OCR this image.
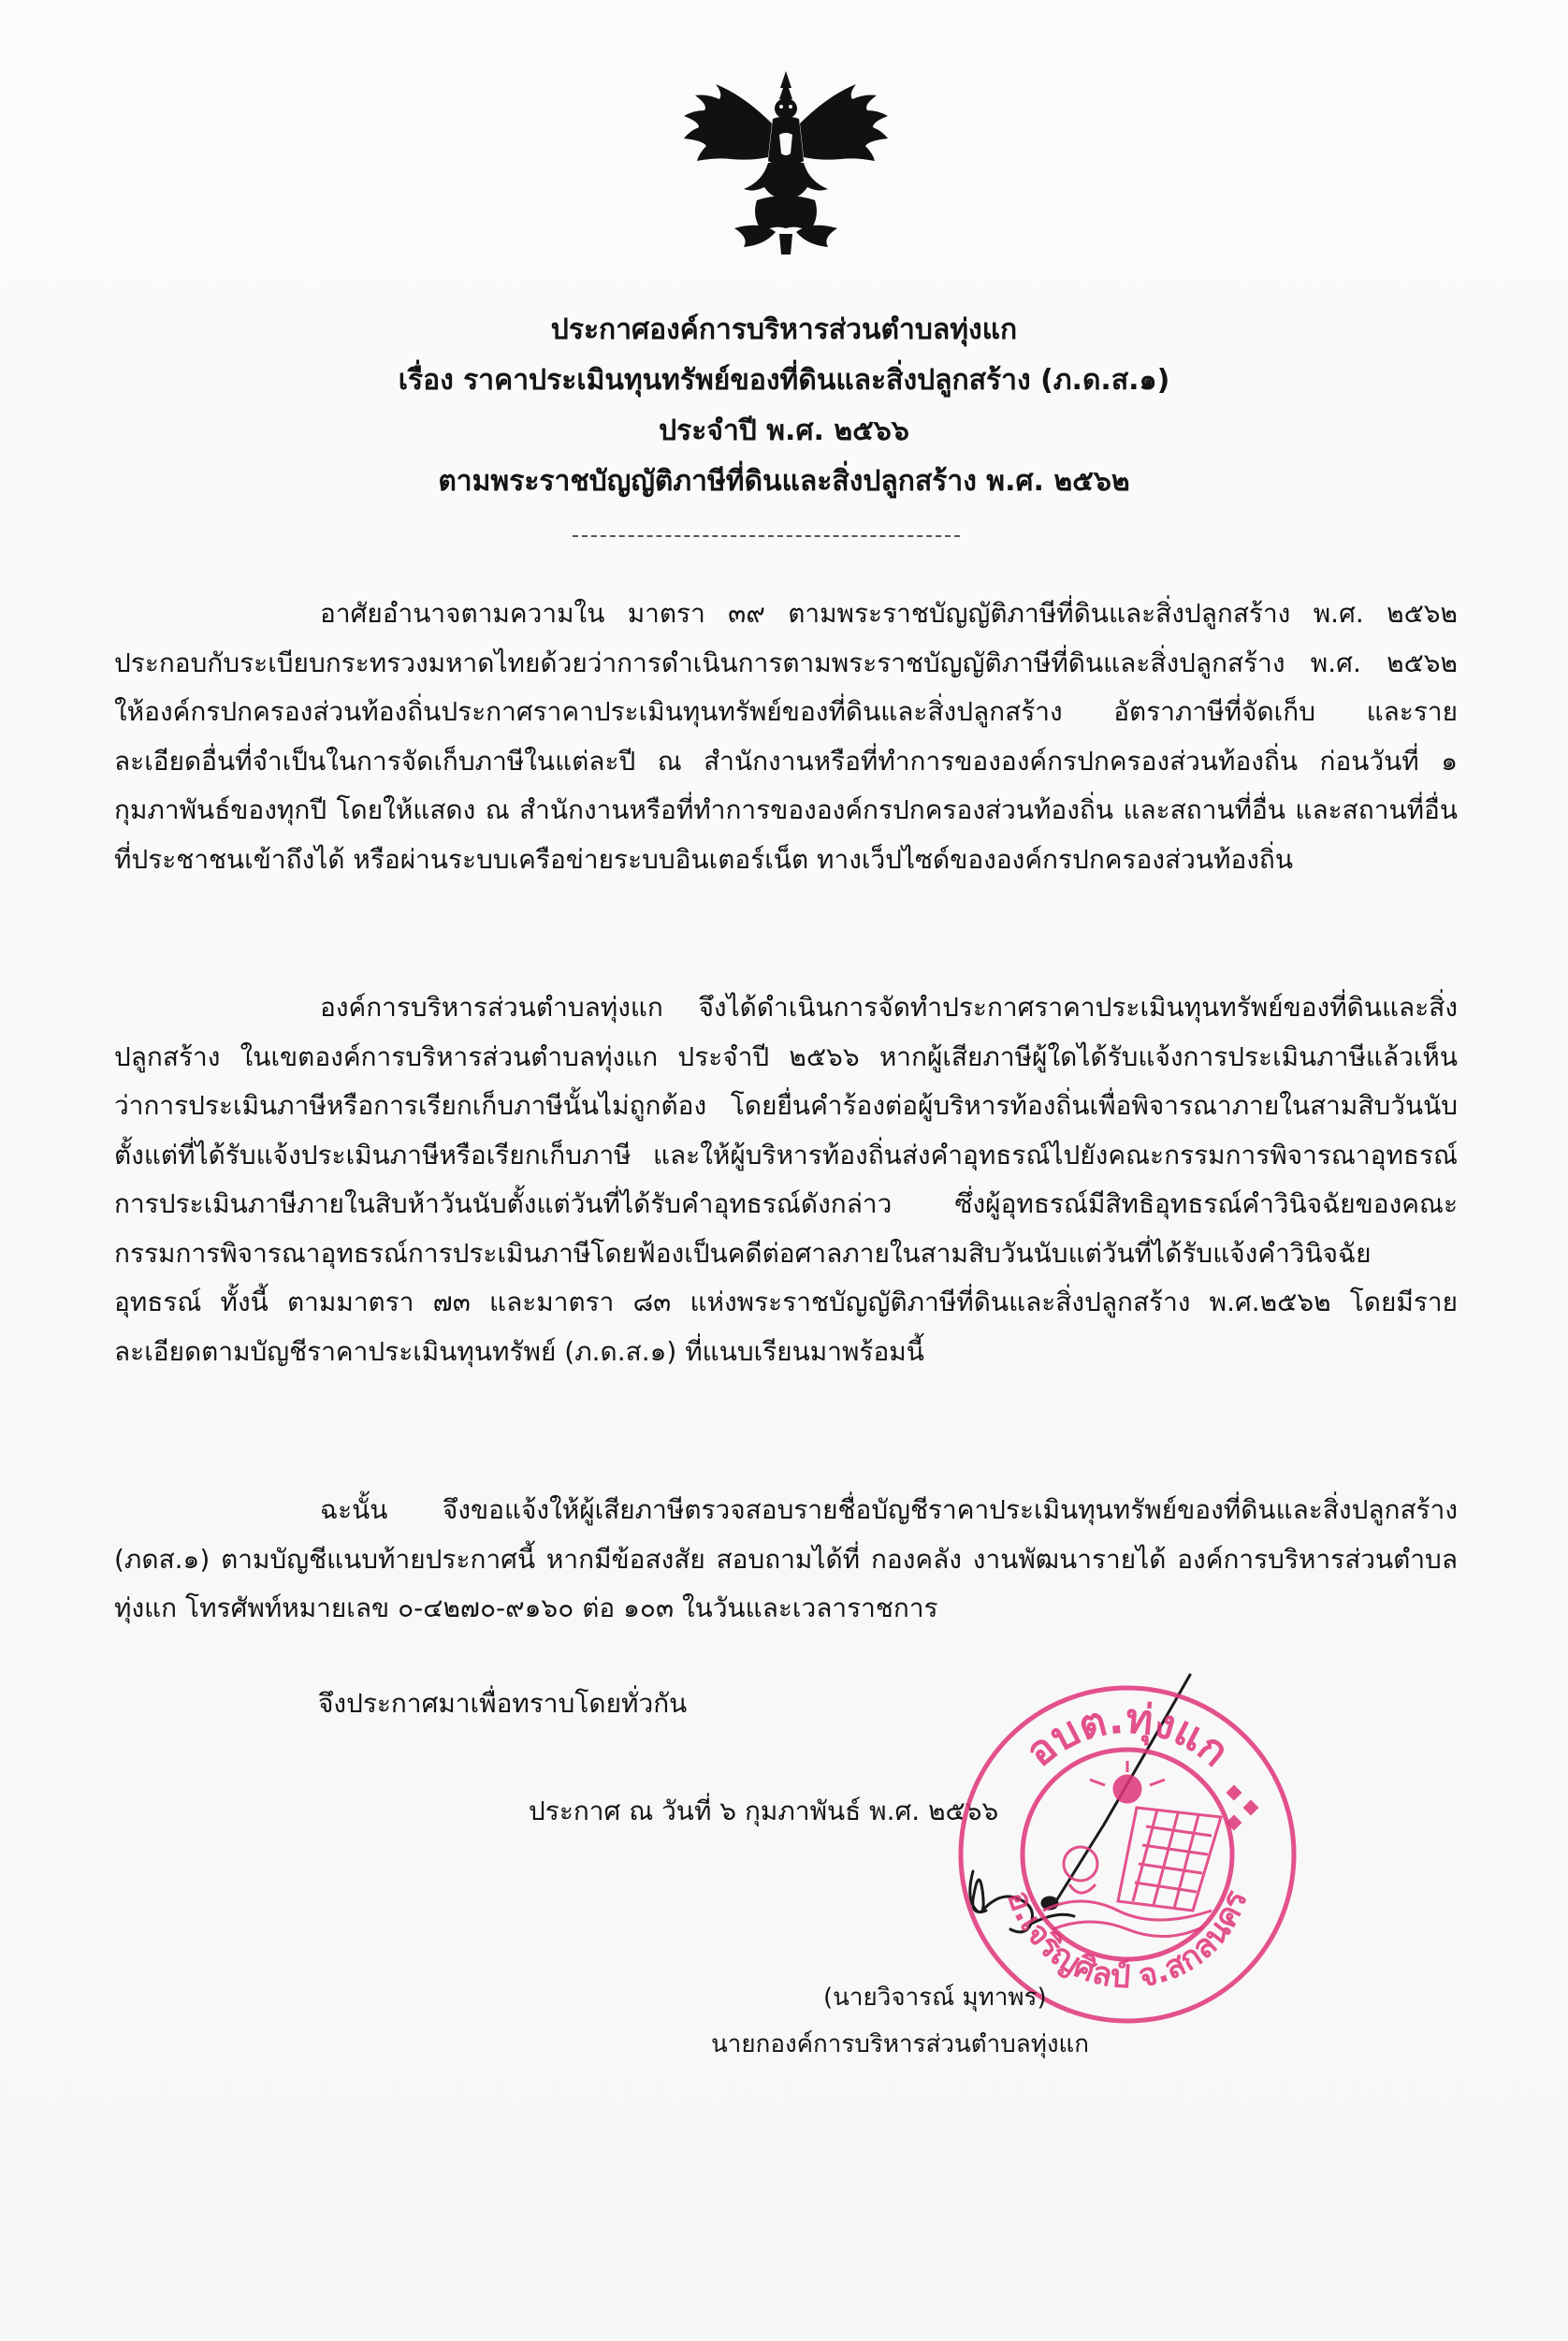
ประกาศองค์การบริหารส่วนตำบลทุ่งแก
เรื่อง ราคาประเมินทุนทรัพย์ของที่ดินและสิ่งปลูกสร้าง (ภ.ด.ส.๑)
ประจำปี พ.ศ. ๒๕๖๖
ตามพระราชบัญญัติภาษีที่ดินและสิ่งปลูกสร้าง พ.ศ. ๒๕๖๒
อาศัยอำนาจตามความใน มาตรา ๓๙ ตามพระราชบัญญัติภาษีที่ดินและสิ่งปลูกสร้าง พ.ศ. ๒๕๖๒ ประกอบกับระเบียบกระทรวงมหาดไทยด้วยว่าการดำเนินการตามพระราชบัญญัติภาษีที่ดินและสิ่งปลูกสร้าง พ.ศ. ๒๕๖๒ ให้องค์กรปกครองส่วนท้องถิ่นประกาศราคาประเมินทุนทรัพย์ของที่ดินและสิ่งปลูกสร้าง อัตราภาษีที่จัดเก็บ และรายละเอียดอื่นที่จำเป็นในการจัดเก็บภาษีในแต่ละปี ณ สำนักงานหรือที่ทำการขององค์กรปกครองส่วนท้องถิ่น ก่อนวันที่ ๑ กุมภาพันธ์ของทุกปี โดยให้แสดง ณ สำนักงานหรือที่ทำการขององค์กรปกครองส่วนท้องถิ่น และสถานที่อื่น และสถานที่อื่นที่ประชาชนเข้าถึงได้ หรือผ่านระบบเครือข่ายระบบอินเตอร์เน็ต ทางเว็ปไซด์ขององค์กรปกครองส่วนท้องถิ่น
องค์การบริหารส่วนตำบลทุ่งแก จึงได้ดำเนินการจัดทำประกาศราคาประเมินทุนทรัพย์ของที่ดินและสิ่งปลูกสร้าง ในเขตองค์การบริหารส่วนตำบลทุ่งแก ประจำปี ๒๕๖๖ หากผู้เสียภาษีผู้ใดได้รับแจ้งการประเมินภาษีแล้วเห็นว่าการประเมินภาษีหรือการเรียกเก็บภาษีนั้นไม่ถูกต้อง โดยยื่นคำร้องต่อผู้บริหารท้องถิ่นเพื่อพิจารณาภายในสามสิบวันนับตั้งแต่ที่ได้รับแจ้งประเมินภาษีหรือเรียกเก็บภาษี และให้ผู้บริหารท้องถิ่นส่งคำอุทธรณ์ไปยังคณะกรรมการพิจารณาอุทธรณ์การประเมินภาษีภายในสิบห้าวันนับตั้งแต่วันที่ได้รับคำอุทธรณ์ดังกล่าว ซึ่งผู้อุทธรณ์มีสิทธิอุทธรณ์คำวินิจฉัยของคณะกรรมการพิจารณาอุทธรณ์การประเมินภาษีโดยฟ้องเป็นคดีต่อศาลภายในสามสิบวันนับแต่วันที่ได้รับแจ้งคำวินิจฉัยอุทธรณ์ ทั้งนี้ ตามมาตรา ๗๓ และมาตรา ๘๓ แห่งพระราชบัญญัติภาษีที่ดินและสิ่งปลูกสร้าง พ.ศ.๒๕๖๒ โดยมีรายละเอียดตามบัญชีราคาประเมินทุนทรัพย์ (ภ.ด.ส.๑) ที่แนบเรียนมาพร้อมนี้
ฉะนั้น จึงขอแจ้งให้ผู้เสียภาษีตรวจสอบรายชื่อบัญชีราคาประเมินทุนทรัพย์ของที่ดินและสิ่งปลูกสร้าง (ภดส.๑) ตามบัญชีแนบท้ายประกาศนี้ หากมีข้อสงสัย สอบถามได้ที่ กองคลัง งานพัฒนารายได้ องค์การบริหารส่วนตำบลทุ่งแก โทรศัพท์หมายเลข ๐-๔๒๗๐-๙๑๖๐ ต่อ ๑๐๓ ในวันและเวลาราชการ
จึงประกาศมาเพื่อทราบโดยทั่วกัน
ประกาศ ณ วันที่ ๖ กุมภาพันธ์ พ.ศ. ๒๕๖๖
อบต.ทุ่งแก
อ.เจริญศิลป์ จ.สกลนคร
(นายวิจารณ์ มุทาพร)
นายกองค์การบริหารส่วนตำบลทุ่งแก
